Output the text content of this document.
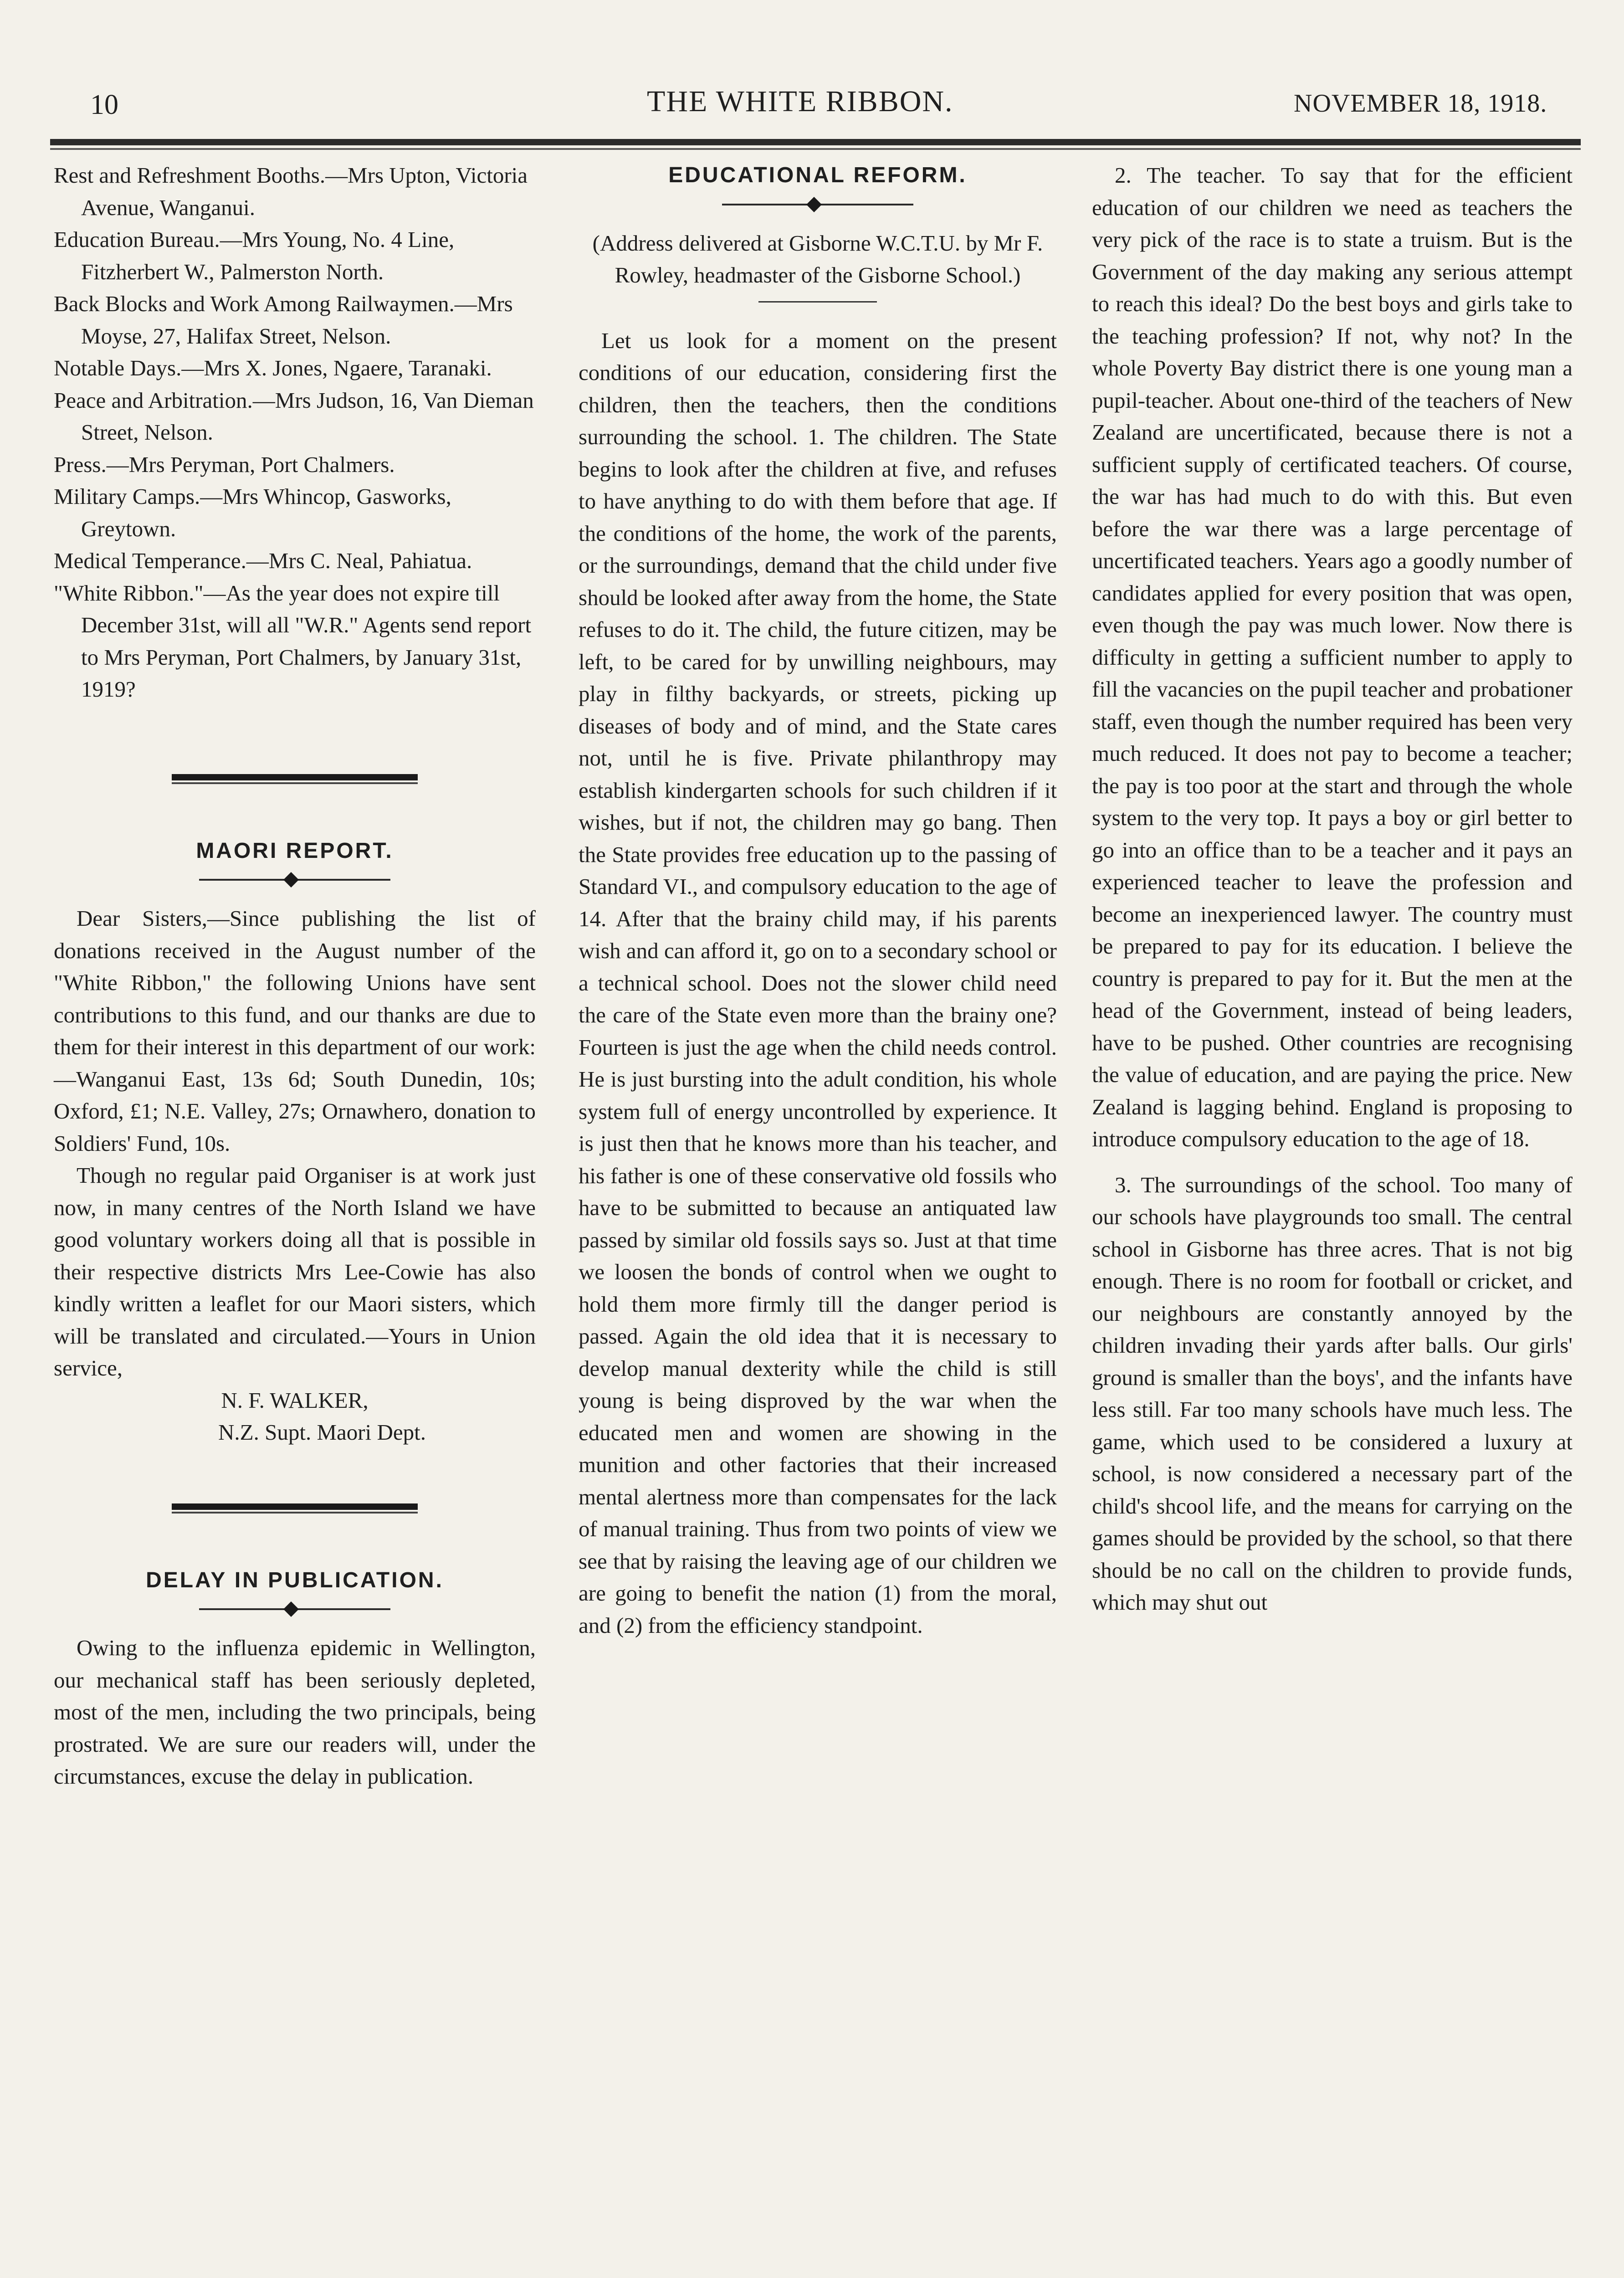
10	THE WHITE RIBBON.	NOVEMBER 18, 1918.

Rest and Refreshment Booths.—Mrs Upton, Victoria Avenue, Wanganui.

Education Bureau.—Mrs Young, No. 4 Line, Fitzherbert W., Palmerston North.

Back Blocks and Work Among Railwaymen.—Mrs Moyse, 27, Halifax Street, Nelson.

Notable Days.—Mrs X. Jones, Ngaere, Taranaki.

Peace and Arbitration.—Mrs Judson, 16, Van Dieman Street, Nelson.

Press.—Mrs Peryman, Port Chalmers.

Military Camps.—Mrs Whincop, Gasworks, Greytown.

Medical Temperance.—Mrs C. Neal, Pahiatua.

"White Ribbon."—As the year does not expire till December 31st, will all "W.R." Agents send report to Mrs Peryman, Port Chalmers, by January 31st, 1919?

MAORI REPORT.

Dear Sisters,—Since publishing the list of donations received in the August number of the "White Ribbon," the following Unions have sent contributions to this fund, and our thanks are due to them for their interest in this department of our work:—Wanganui East, 13s 6d; South Dunedin, 10s; Oxford, £1; N.E. Valley, 27s; Ornawhero, donation to Soldiers' Fund, 10s.

Though no regular paid Organiser is at work just now, in many centres of the North Island we have good voluntary workers doing all that is possible in their respective districts Mrs Lee-Cowie has also kindly written a leaflet for our Maori sisters, which will be translated and circulated.—Yours in Union service,

N. F. WALKER,

N.Z. Supt. Maori Dept.

DELAY IN PUBLICATION.

Owing to the influenza epidemic in Wellington, our mechanical staff has been seriously depleted, most of the men, including the two principals, being prostrated. We are sure our readers will, under the circumstances, excuse the delay in publication.

EDUCATIONAL REFORM.

(Address delivered at Gisborne W.C.T.U. by Mr F. Rowley, headmaster of the Gisborne School.)

Let us look for a moment on the present conditions of our education, considering first the children, then the teachers, then the conditions surrounding the school. 1. The children. The State begins to look after the children at five, and refuses to have anything to do with them before that age. If the conditions of the home, the work of the parents, or the surroundings, demand that the child under five should be looked after away from the home, the State refuses to do it. The child, the future citizen, may be left, to be cared for by unwilling neighbours, may play in filthy backyards, or streets, picking up diseases of body and of mind, and the State cares not, until he is five. Private philanthropy may establish kindergarten schools for such children if it wishes, but if not, the children may go bang. Then the State provides free education up to the passing of Standard VI., and compulsory education to the age of 14. After that the brainy child may, if his parents wish and can afford it, go on to a secondary school or a technical school. Does not the slower child need the care of the State even more than the brainy one? Fourteen is just the age when the child needs control. He is just bursting into the adult condition, his whole system full of energy uncontrolled by experience. It is just then that he knows more than his teacher, and his father is one of these conservative old fossils who have to be submitted to because an antiquated law passed by similar old fossils says so. Just at that time we loosen the bonds of control when we ought to hold them more firmly till the danger period is passed. Again the old idea that it is necessary to develop manual dexterity while the child is still young is being disproved by the war when the educated men and women are showing in the munition and other factories that their increased mental alertness more than compensates for the lack of manual training. Thus from two points of view we see that by raising the leaving age of our children we are going to benefit the nation (1) from the moral, and (2) from the efficiency standpoint.

2. The teacher. To say that for the efficient education of our children we need as teachers the very pick of the race is to state a truism. But is the Government of the day making any serious attempt to reach this ideal? Do the best boys and girls take to the teaching profession? If not, why not? In the whole Poverty Bay district there is one young man a pupil-teacher. About one-third of the teachers of New Zealand are uncertificated, because there is not a sufficient supply of certificated teachers. Of course, the war has had much to do with this. But even before the war there was a large percentage of uncertificated teachers. Years ago a goodly number of candidates applied for every position that was open, even though the pay was much lower. Now there is difficulty in getting a sufficient number to apply to fill the vacancies on the pupil teacher and probationer staff, even though the number required has been very much reduced. It does not pay to become a teacher; the pay is too poor at the start and through the whole system to the very top. It pays a boy or girl better to go into an office than to be a teacher and it pays an experienced teacher to leave the profession and become an inexperienced lawyer. The country must be prepared to pay for its education. I believe the country is prepared to pay for it. But the men at the head of the Government, instead of being leaders, have to be pushed. Other countries are recognising the value of education, and are paying the price. New Zealand is lagging behind. England is proposing to introduce compulsory education to the age of 18.

3. The surroundings of the school. Too many of our schools have playgrounds too small. The central school in Gisborne has three acres. That is not big enough. There is no room for football or cricket, and our neighbours are constantly annoyed by the children invading their yards after balls. Our girls' ground is smaller than the boys', and the infants have less still. Far too many schools have much less. The game, which used to be considered a luxury at school, is now considered a necessary part of the child's shcool life, and the means for carrying on the games should be provided by the school, so that there should be no call on the children to provide funds, which may shut out
